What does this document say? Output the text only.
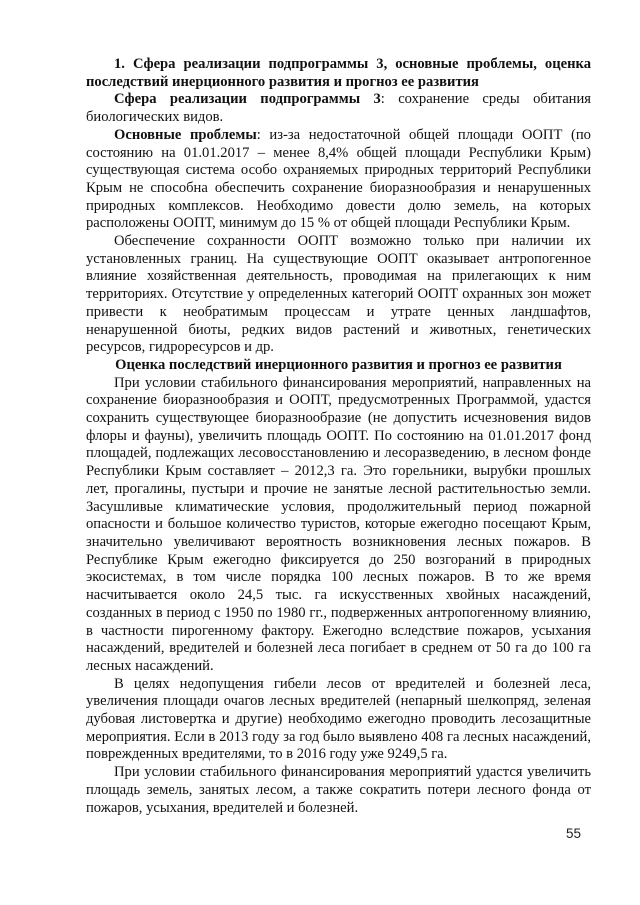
1. Сфера реализации подпрограммы 3, основные проблемы, оценка последствий инерционного развития и прогноз ее развития

Сфера реализации подпрограммы 3: сохранение среды обитания биологических видов.

Основные проблемы: из-за недостаточной общей площади ООПТ (по состоянию на 01.01.2017 – менее 8,4% общей площади Республики Крым) существующая система особо охраняемых природных территорий Республики Крым не способна обеспечить сохранение биоразнообразия и ненарушенных природных комплексов. Необходимо довести долю земель, на которых расположены ООПТ, минимум до 15 % от общей площади Республики Крым.

Обеспечение сохранности ООПТ возможно только при наличии их установленных границ. На существующие ООПТ оказывает антропогенное влияние хозяйственная деятельность, проводимая на прилегающих к ним территориях. Отсутствие у определенных категорий ООПТ охранных зон может привести к необратимым процессам и утрате ценных ландшафтов, ненарушенной биоты, редких видов растений и животных, генетических ресурсов, гидроресурсов и др.

Оценка последствий инерционного развития и прогноз ее развития

При условии стабильного финансирования мероприятий, направленных на сохранение биоразнообразия и ООПТ, предусмотренных Программой, удастся сохранить существующее биоразнообразие (не допустить исчезновения видов флоры и фауны), увеличить площадь ООПТ. По состоянию на 01.01.2017 фонд площадей, подлежащих лесовосстановлению и лесоразведению, в лесном фонде Республики Крым составляет – 2012,3 га. Это горельники, вырубки прошлых лет, прогалины, пустыри и прочие не занятые лесной растительностью земли. Засушливые климатические условия, продолжительный период пожарной опасности и большое количество туристов, которые ежегодно посещают Крым, значительно увеличивают вероятность возникновения лесных пожаров. В Республике Крым ежегодно фиксируется до 250 возгораний в природных экосистемах, в том числе порядка 100 лесных пожаров. В то же время насчитывается около 24,5 тыс. га искусственных хвойных насаждений, созданных в период с 1950 по 1980 гг., подверженных антропогенному влиянию, в частности пирогенному фактору. Ежегодно вследствие пожаров, усыхания насаждений, вредителей и болезней леса погибает в среднем от 50 га до 100 га лесных насаждений.

В целях недопущения гибели лесов от вредителей и болезней леса, увеличения площади очагов лесных вредителей (непарный шелкопряд, зеленая дубовая листовертка и другие) необходимо ежегодно проводить лесозащитные мероприятия. Если в 2013 году за год было выявлено 408 га лесных насаждений, поврежденных вредителями, то в 2016 году уже 9249,5 га.

При условии стабильного финансирования мероприятий удастся увеличить площадь земель, занятых лесом, а также сократить потери лесного фонда от пожаров, усыхания, вредителей и болезней.

55
